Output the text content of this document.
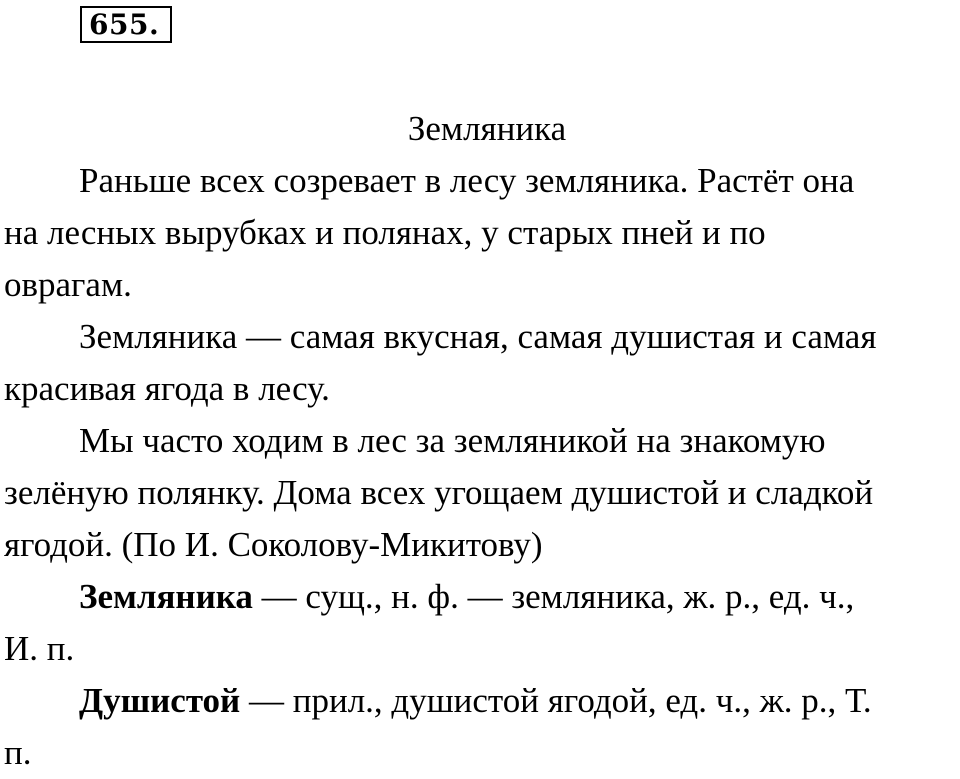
655.
Земляника
Раньше всех созревает в лесу земляника. Растёт она
на лесных вырубках и полянах, у старых пней и по
оврагам.
Земляника — самая вкусная, самая душистая и самая
красивая ягода в лесу.
Мы часто ходим в лес за земляникой на знакомую
зелёную полянку. Дома всех угощаем душистой и сладкой
ягодой. (По И. Соколову-Микитову)
Земляника — сущ., н. ф. — земляника, ж. р., ед. ч.,
И. п.
Душистой — прил., душистой ягодой, ед. ч., ж. р., Т.
п.
